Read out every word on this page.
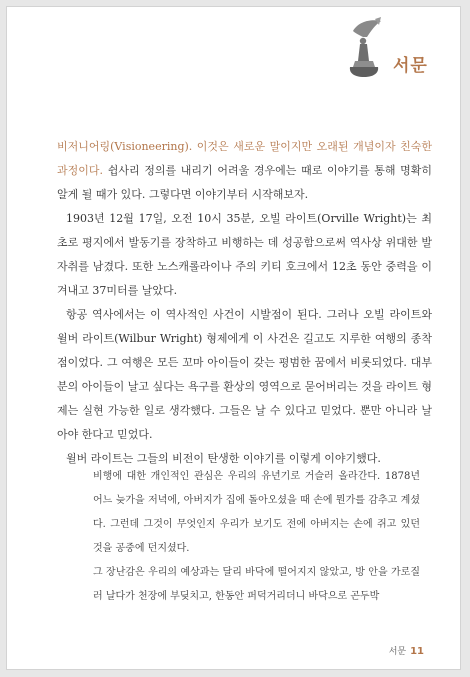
서문

비저니어링(Visioneering). 이것은 새로운 말이지만 오래된 개념이자 친숙한 과정이다. 쉽사리 정의를 내리기 어려울 경우에는 때로 이야기를 통해 명확히 알게 될 때가 있다. 그렇다면 이야기부터 시작해보자.

1903년 12월 17일, 오전 10시 35분, 오빌 라이트(Orville Wright)는 최초로 평지에서 발동기를 장착하고 비행하는 데 성공함으로써 역사상 위대한 발자취를 남겼다. 또한 노스캐롤라이나 주의 키티 호크에서 12초 동안 중력을 이겨내고 37미터를 날았다.

항공 역사에서는 이 역사적인 사건이 시발점이 된다. 그러나 오빌 라이트와 윌버 라이트(Wilbur Wright) 형제에게 이 사건은 길고도 지루한 여행의 종착점이었다. 그 여행은 모든 꼬마 아이들이 갖는 평범한 꿈에서 비롯되었다. 대부분의 아이들이 날고 싶다는 욕구를 환상의 영역으로 묻어버리는 것을 라이트 형제는 실현 가능한 일로 생각했다. 그들은 날 수 있다고 믿었다. 뿐만 아니라 날아야 한다고 믿었다.

윌버 라이트는 그들의 비전이 탄생한 이야기를 이렇게 이야기했다.

비행에 대한 개인적인 관심은 우리의 유년기로 거슬러 올라간다. 1878년 어느 늦가을 저녁에, 아버지가 집에 돌아오셨을 때 손에 뭔가를 감추고 계셨다. 그런데 그것이 무엇인지 우리가 보기도 전에 아버지는 손에 쥐고 있던 것을 공중에 던지셨다.

그 장난감은 우리의 예상과는 달리 바닥에 떨어지지 않았고, 방 안을 가로질러 날다가 천장에 부딪치고, 한동안 퍼덕거리더니 바닥으로 곤두박

서문 11
